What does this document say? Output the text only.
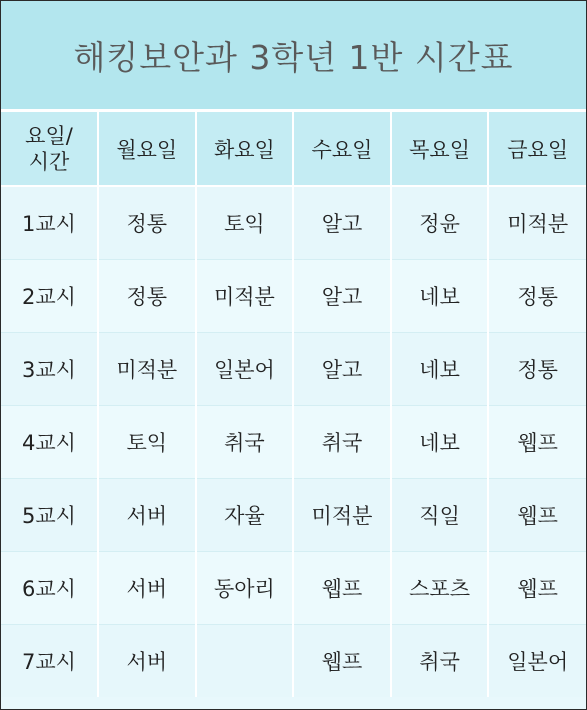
해킹보안과 3학년 1반 시간표
요일/
시간	월요일	화요일	수요일	목요일	금요일
1교시	정통	토익	알고	정윤	미적분
2교시	정통	미적분	알고	네보	정통
3교시	미적분	일본어	알고	네보	정통
4교시	토익	취국	취국	네보	웹프
5교시	서버	자율	미적분	직일	웹프
6교시	서버	동아리	웹프	스포츠	웹프
7교시	서버		웹프	취국	일본어
